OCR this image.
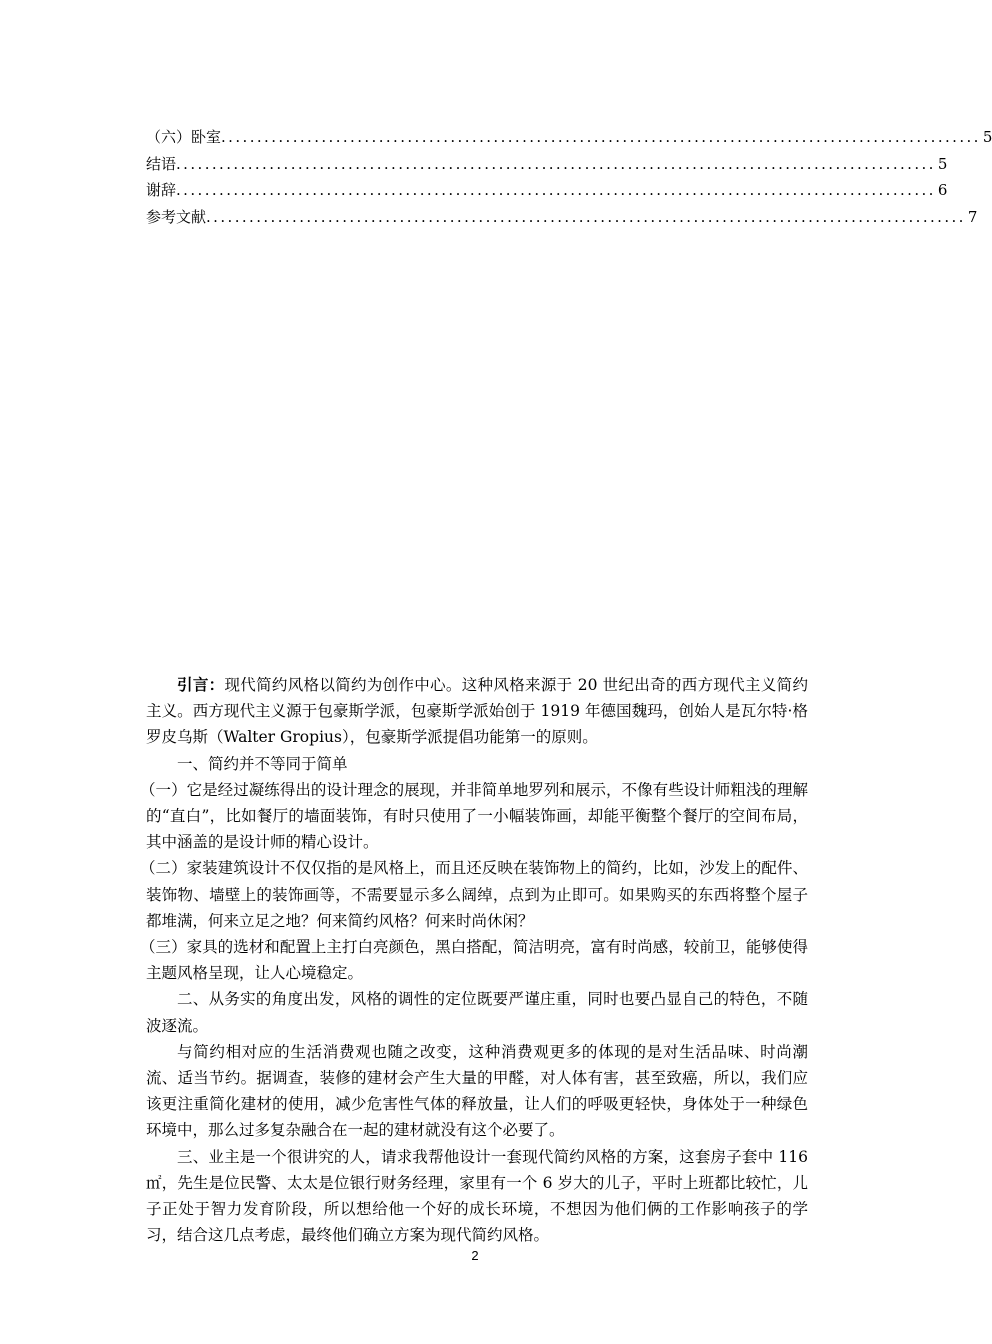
（六）卧室 .......................................................................................................... 5
结语 .......................................................................................................... 5
谢辞 .......................................................................................................... 6
参考文献 .......................................................................................................... 7

引言：现代简约风格以简约为创作中心。这种风格来源于 20 世纪出奇的西方现代主义简约主义。西方现代主义源于包豪斯学派，包豪斯学派始创于 1919 年德国魏玛，创始人是瓦尔特·格罗皮乌斯（Walter Gropius），包豪斯学派提倡功能第一的原则。

一、简约并不等同于简单

（一）它是经过凝练得出的设计理念的展现，并非简单地罗列和展示，不像有些设计师粗浅的理解的“直白”，比如餐厅的墙面装饰，有时只使用了一小幅装饰画，却能平衡整个餐厅的空间布局，其中涵盖的是设计师的精心设计。

（二）家装建筑设计不仅仅指的是风格上，而且还反映在装饰物上的简约，比如，沙发上的配件、装饰物、墙壁上的装饰画等，不需要显示多么阔绰，点到为止即可。如果购买的东西将整个屋子都堆满，何来立足之地？何来简约风格？何来时尚休闲？

（三）家具的选材和配置上主打白亮颜色，黑白搭配，简洁明亮，富有时尚感，较前卫，能够使得主题风格呈现，让人心境稳定。

二、从务实的角度出发，风格的调性的定位既要严谨庄重，同时也要凸显自己的特色，不随波逐流。

与简约相对应的生活消费观也随之改变，这种消费观更多的体现的是对生活品味、时尚潮流、适当节约。据调查，装修的建材会产生大量的甲醛，对人体有害，甚至致癌，所以，我们应该更注重简化建材的使用，减少危害性气体的释放量，让人们的呼吸更轻快，身体处于一种绿色环境中，那么过多复杂融合在一起的建材就没有这个必要了。

三、业主是一个很讲究的人，请求我帮他设计一套现代简约风格的方案，这套房子套中 116㎡，先生是位民警、太太是位银行财务经理，家里有一个 6 岁大的儿子，平时上班都比较忙，儿子正处于智力发育阶段，所以想给他一个好的成长环境，不想因为他们俩的工作影响孩子的学习，结合这几点考虑，最终他们确立方案为现代简约风格。

2
